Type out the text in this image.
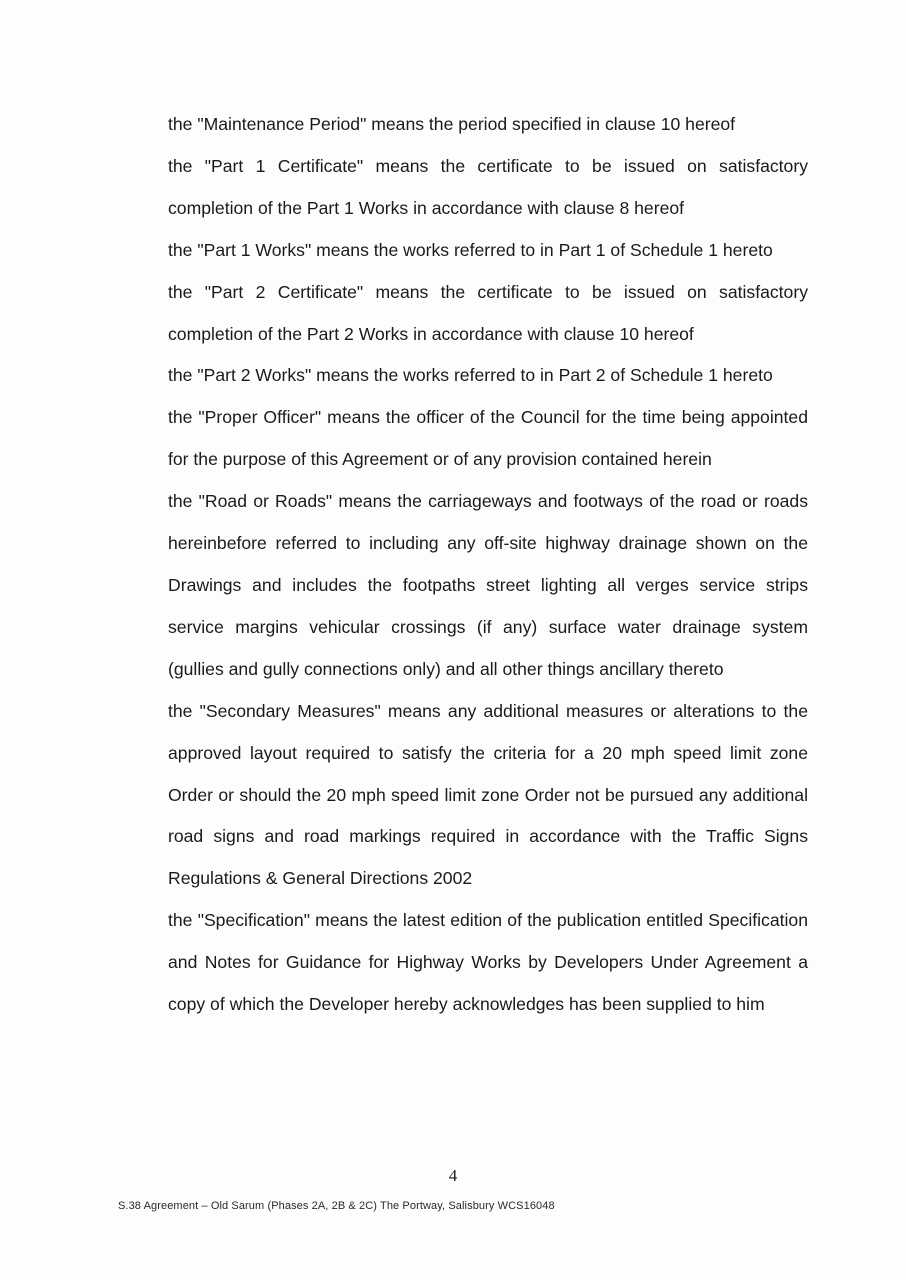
the "Maintenance Period" means the period specified in clause 10 hereof

the "Part 1 Certificate" means the certificate to be issued on satisfactory completion of the Part 1 Works in accordance with clause 8 hereof

the "Part 1 Works" means the works referred to in Part 1 of Schedule 1 hereto

the "Part 2 Certificate" means the certificate to be issued on satisfactory completion of the Part 2 Works in accordance with clause 10 hereof

the "Part 2 Works" means the works referred to in Part 2 of Schedule 1 hereto

the "Proper Officer" means the officer of the Council for the time being appointed for the purpose of this Agreement or of any provision contained herein

the "Road or Roads" means the carriageways and footways of the road or roads hereinbefore referred to including any off-site highway drainage shown on the Drawings and includes the footpaths street lighting all verges service strips service margins vehicular crossings (if any) surface water drainage system (gullies and gully connections only) and all other things ancillary thereto

the "Secondary Measures" means any additional measures or alterations to the approved layout required to satisfy the criteria for a 20 mph speed limit zone Order or should the 20 mph speed limit zone Order not be pursued any additional road signs and road markings required in accordance with the Traffic Signs Regulations & General Directions 2002

the "Specification" means the latest edition of the publication entitled Specification and Notes for Guidance for Highway Works by Developers Under Agreement a copy of which the Developer hereby acknowledges has been supplied to him

4
S.38 Agreement – Old Sarum (Phases 2A, 2B & 2C) The Portway, Salisbury WCS16048
